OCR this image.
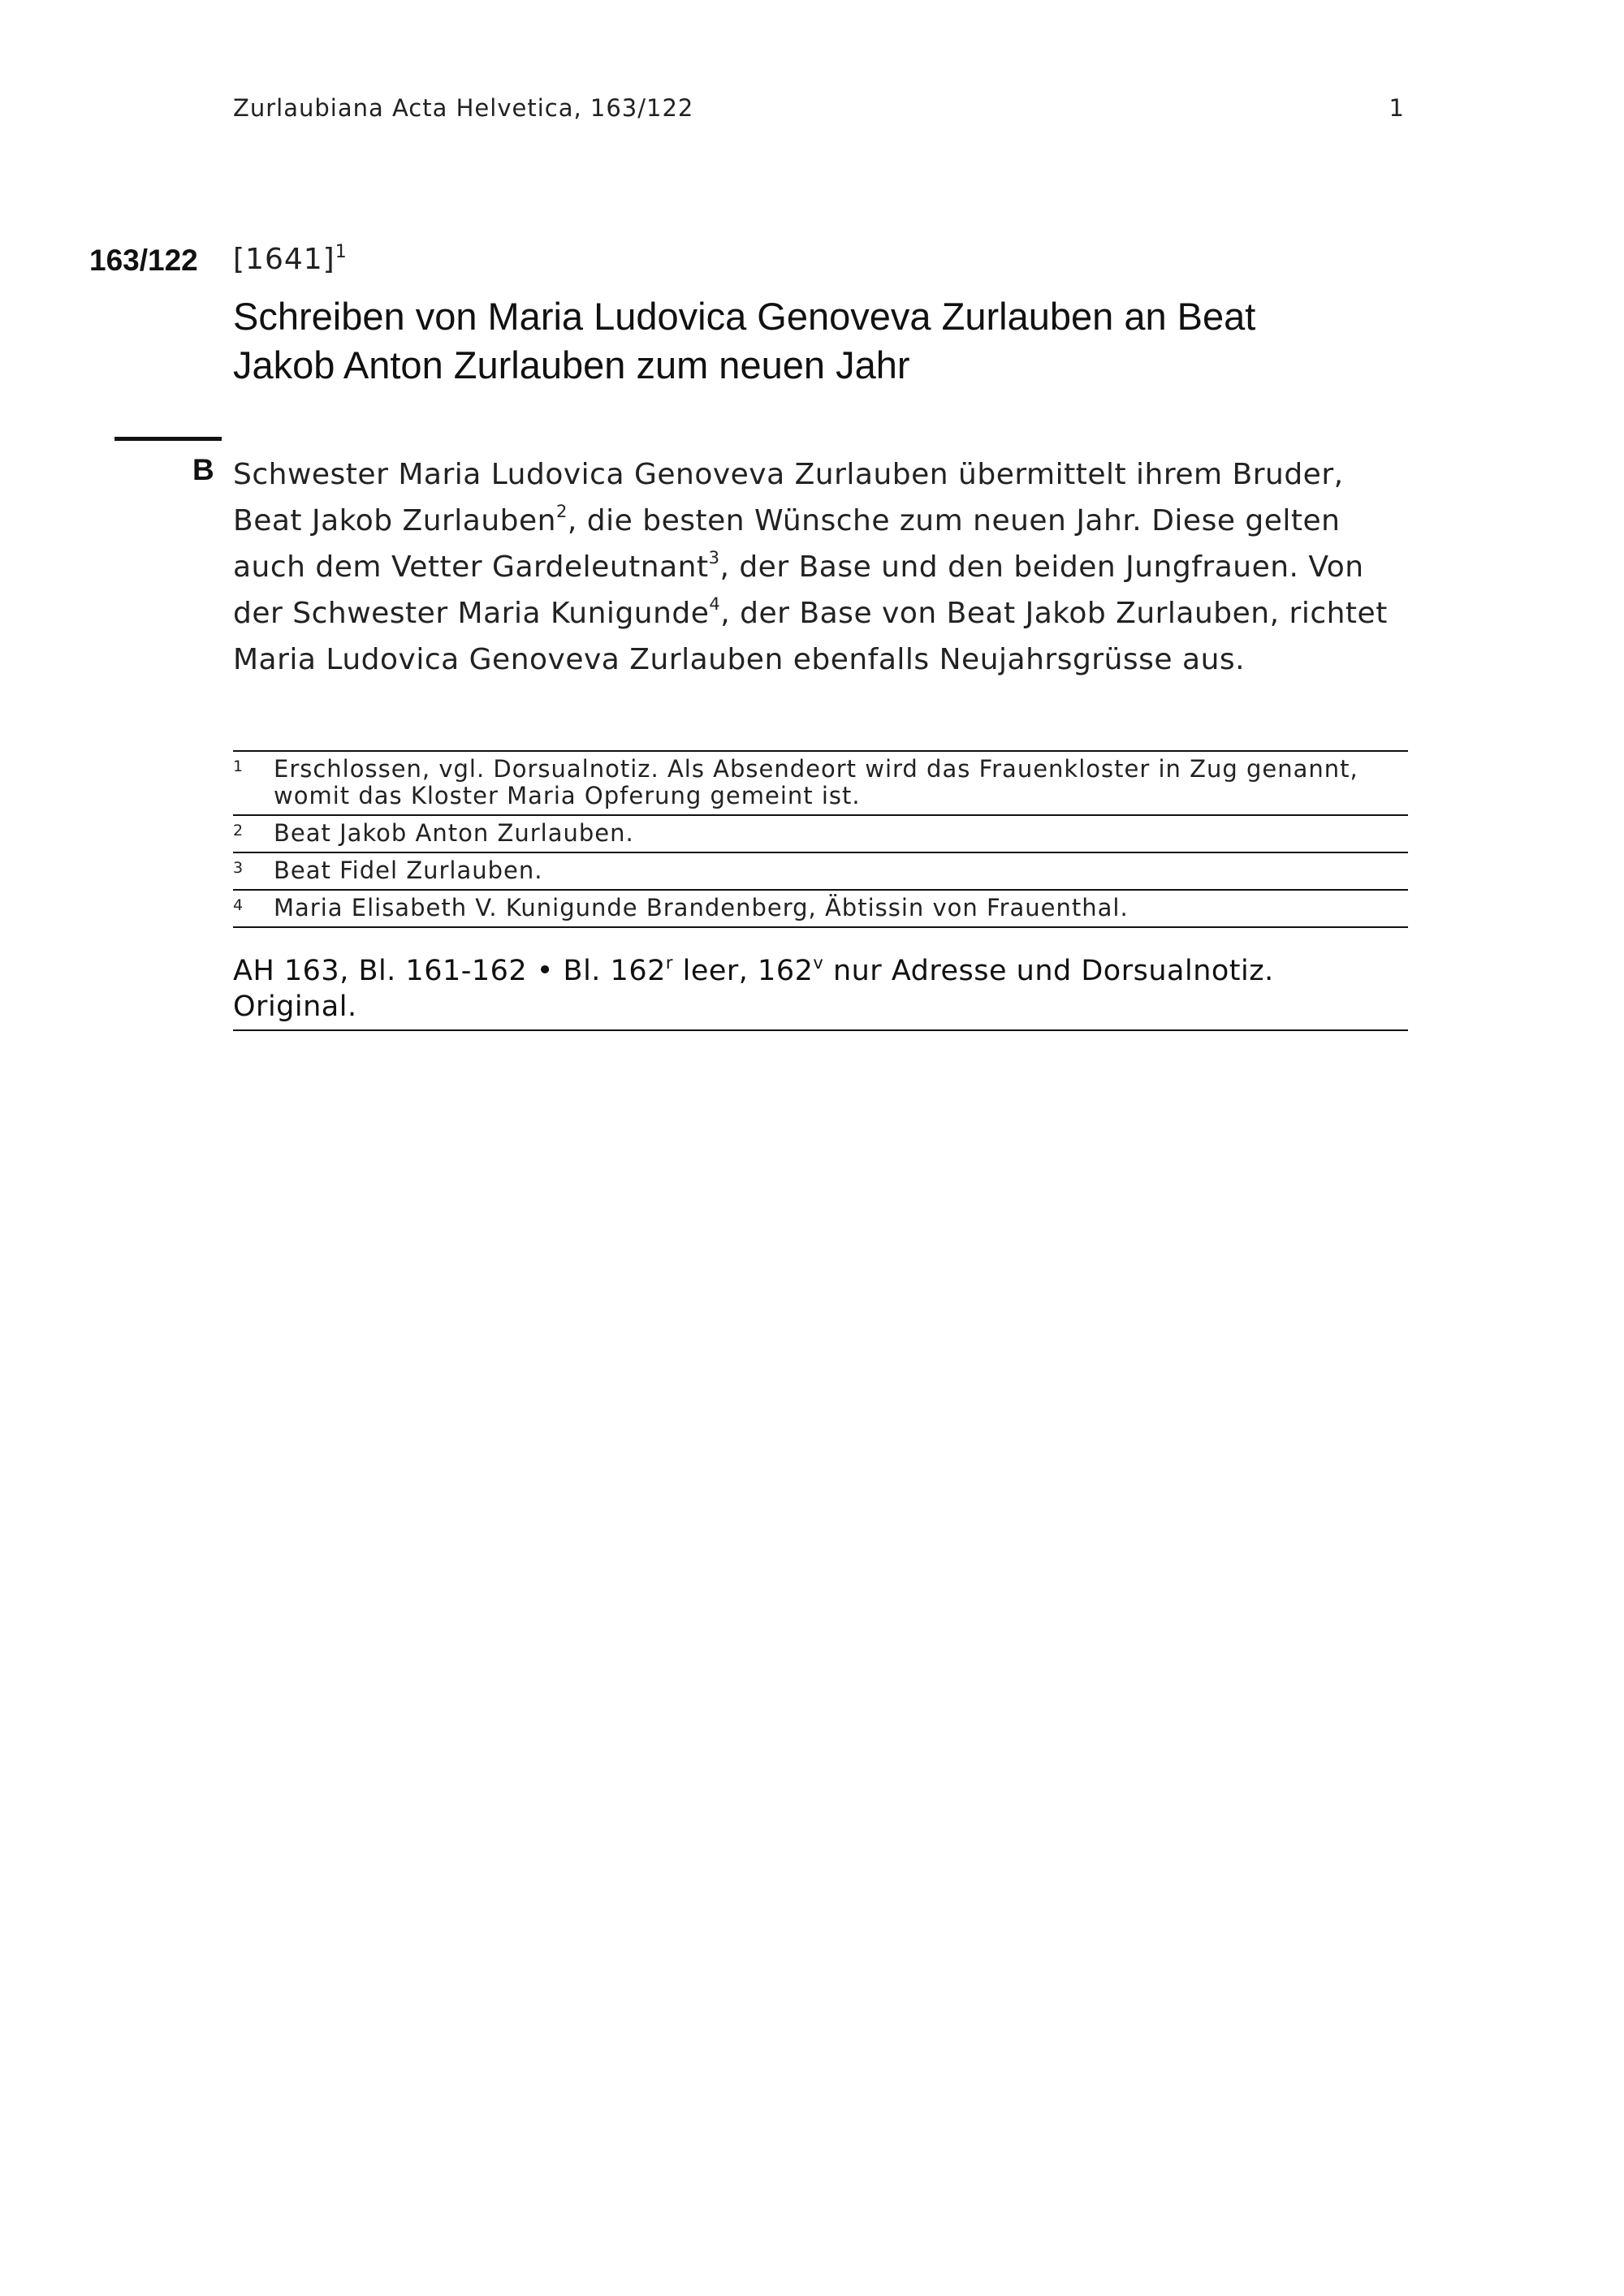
Zurlaubiana Acta Helvetica, 163/122	1
163/122 $[1641]^1$
Schreiben von Maria Ludovica Genoveva Zurlauben an Beat Jakob Anton Zurlauben zum neuen Jahr
B Schwester Maria Ludovica Genoveva Zurlauben übermittelt ihrem Bruder, Beat Jakob Zurlauben$^2$, die besten Wünsche zum neuen Jahr. Diese gelten auch dem Vetter Gardeleutnant$^3$, der Base und den beiden Jungfrauen. Von der Schwester Maria Kunigunde$^4$, der Base von Beat Jakob Zurlauben, richtet Maria Ludovica Genoveva Zurlauben ebenfalls Neujahrsgrüsse aus.

1 Erschlossen, vgl. Dorsualnotiz. Als Absendeort wird das Frauenkloster in Zug genannt, womit das Kloster Maria Opferung gemeint ist.
2 Beat Jakob Anton Zurlauben.
3 Beat Fidel Zurlauben.
4 Maria Elisabeth V. Kunigunde Brandenberg, Äbtissin von Frauenthal.
AH 163, Bl. 161-162 • Bl. 162$^r$ leer, 162$^v$ nur Adresse und Dorsualnotiz.
Original.
